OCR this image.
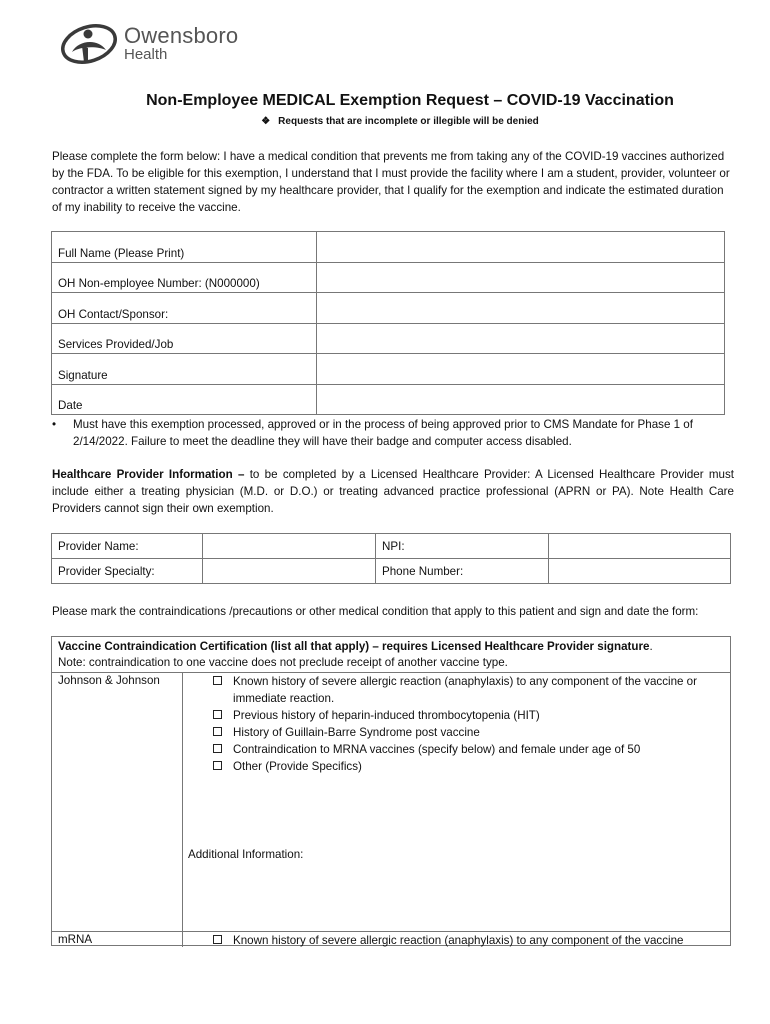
Owensboro
Health
Non-Employee MEDICAL Exemption Request – COVID-19 Vaccination
❖ Requests that are incomplete or illegible will be denied
Please complete the form below: I have a medical condition that prevents me from taking any of the COVID-19 vaccines authorized by the FDA. To be eligible for this exemption, I understand that I must provide the facility where I am a student, provider, volunteer or contractor a written statement signed by my healthcare provider, that I qualify for the exemption and indicate the estimated duration of my inability to receive the vaccine.
Full Name (Please Print)	

OH Non-employee Number: (N000000)	

OH Contact/Sponsor:	

Services Provided/Job	

Signature	

Date	

• Must have this exemption processed, approved or in the process of being approved prior to CMS Mandate for Phase 1 of 2/14/2022. Failure to meet the deadline they will have their badge and computer access disabled.
Healthcare Provider Information – to be completed by a Licensed Healthcare Provider: A Licensed Healthcare Provider must include either a treating physician (M.D. or D.O.) or treating advanced practice professional (APRN or PA). Note Health Care Providers cannot sign their own exemption.
Provider Name:		NPI:	
Provider Specialty:		Phone Number:	
Please mark the contraindications /precautions or other medical condition that apply to this patient and sign and date the form:
Vaccine Contraindication Certification (list all that apply) – requires Licensed Healthcare Provider signature.
Note: contraindication to one vaccine does not preclude receipt of another vaccine type.
Johnson & Johnson	Known history of severe allergic reaction (anaphylaxis) to any component of the vaccine or immediate reaction.
Previous history of heparin-induced thrombocytopenia (HIT)
History of Guillain-Barre Syndrome post vaccine
Contraindication to MRNA vaccines (specify below) and female under age of 50
Other (Provide Specifics)
Additional Information:
mRNA	Known history of severe allergic reaction (anaphylaxis) to any component of the vaccine
